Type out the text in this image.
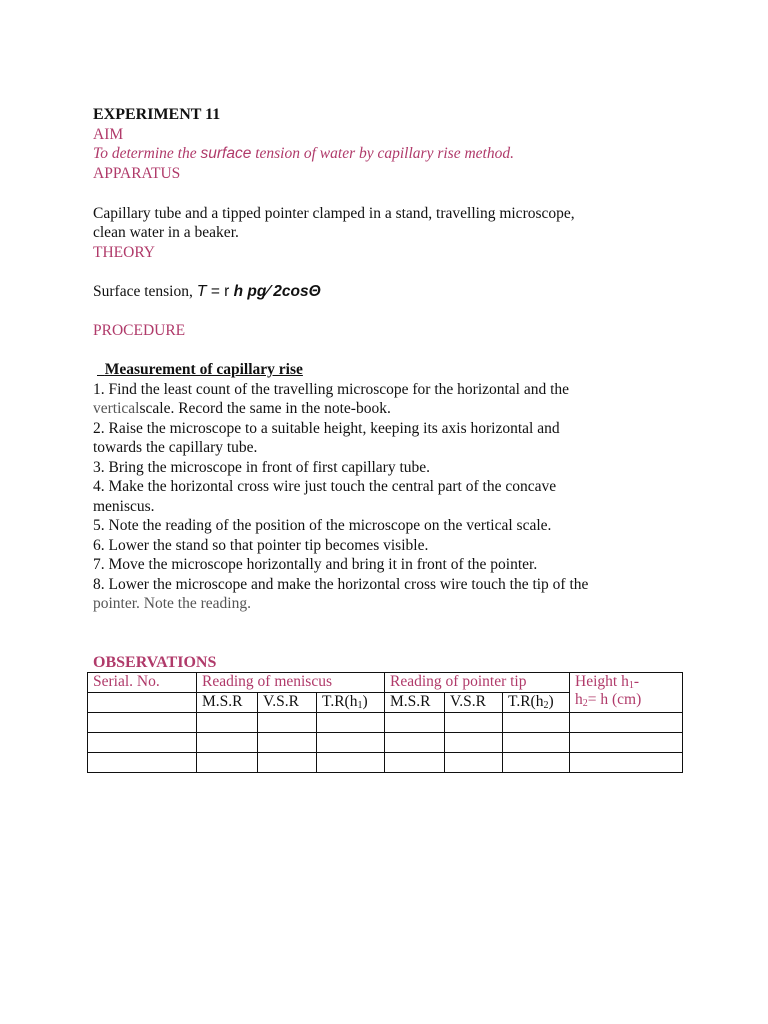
EXPERIMENT 11
AIM
To determine the surface tension of water by capillary rise method.
APPARATUS
Capillary tube and a tipped pointer clamped in a stand, travelling microscope,
clean water in a beaker.
THEORY
Surface tension, T = r h pg⁄ 2cosΘ
PROCEDURE
Measurement of capillary rise
1. Find the least count of the travelling microscope for the horizontal and the
verticalscale. Record the same in the note-book.
2. Raise the microscope to a suitable height, keeping its axis horizontal and
towards the capillary tube.
3. Bring the microscope in front of first capillary tube.
4. Make the horizontal cross wire just touch the central part of the concave
meniscus.
5. Note the reading of the position of the microscope on the vertical scale.
6. Lower the stand so that pointer tip becomes visible.
7. Move the microscope horizontally and bring it in front of the pointer.
8. Lower the microscope and make the horizontal cross wire touch the tip of the
pointer. Note the reading.
OBSERVATIONS
Serial. No.	Reading of meniscus			Reading of pointer tip			Height $h_1-$
$h_2= h$ (cm)
	M.S.R	V.S.R	$T.R(h_1)$	M.S.R	V.S.R	$T.R(h_2)$	
